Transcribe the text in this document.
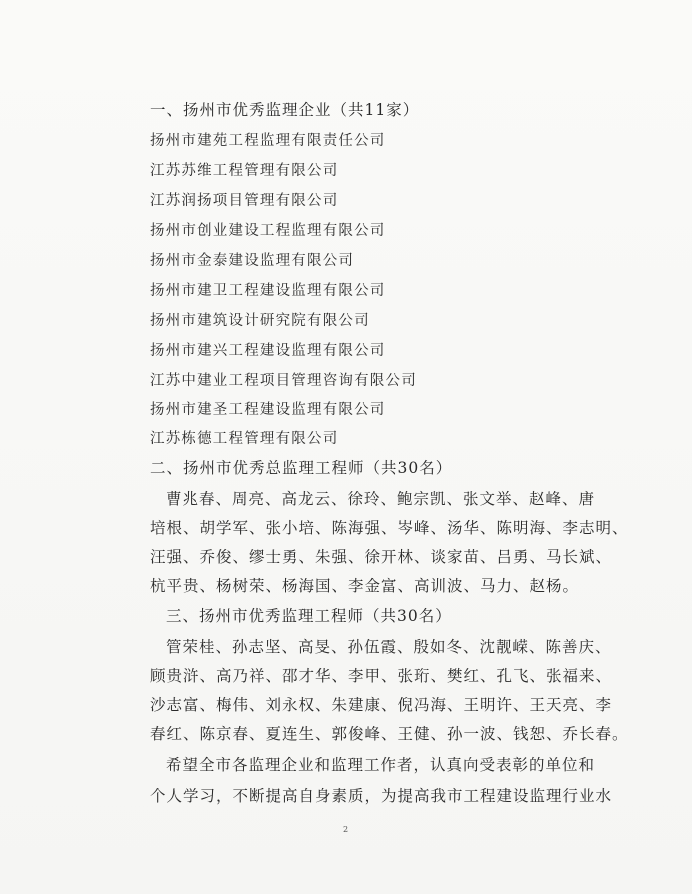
一、扬州市优秀监理企业（共11家）
扬州市建苑工程监理有限责任公司
江苏苏维工程管理有限公司
江苏润扬项目管理有限公司
扬州市创业建设工程监理有限公司
扬州市金泰建设监理有限公司
扬州市建卫工程建设监理有限公司
扬州市建筑设计研究院有限公司
扬州市建兴工程建设监理有限公司
江苏中建业工程项目管理咨询有限公司
扬州市建圣工程建设监理有限公司
江苏栋德工程管理有限公司
二、扬州市优秀总监理工程师（共30名）
曹兆春、周亮、高龙云、徐玲、鲍宗凯、张文举、赵峰、唐
培根、胡学军、张小培、陈海强、岑峰、汤华、陈明海、李志明、
汪强、乔俊、缪士勇、朱强、徐开林、谈家苗、吕勇、马长斌、
杭平贵、杨树荣、杨海国、李金富、高训波、马力、赵杨。
三、扬州市优秀监理工程师（共30名）
管荣桂、孙志坚、高旻、孙伍霞、殷如冬、沈靓嵘、陈善庆、
顾贵浒、高乃祥、邵才华、李甲、张珩、樊红、孔飞、张福来、
沙志富、梅伟、刘永权、朱建康、倪冯海、王明许、王天亮、李
春红、陈京春、夏连生、郭俊峰、王健、孙一波、钱恕、乔长春。
希望全市各监理企业和监理工作者，认真向受表彰的单位和
个人学习，不断提高自身素质，为提高我市工程建设监理行业水
2
